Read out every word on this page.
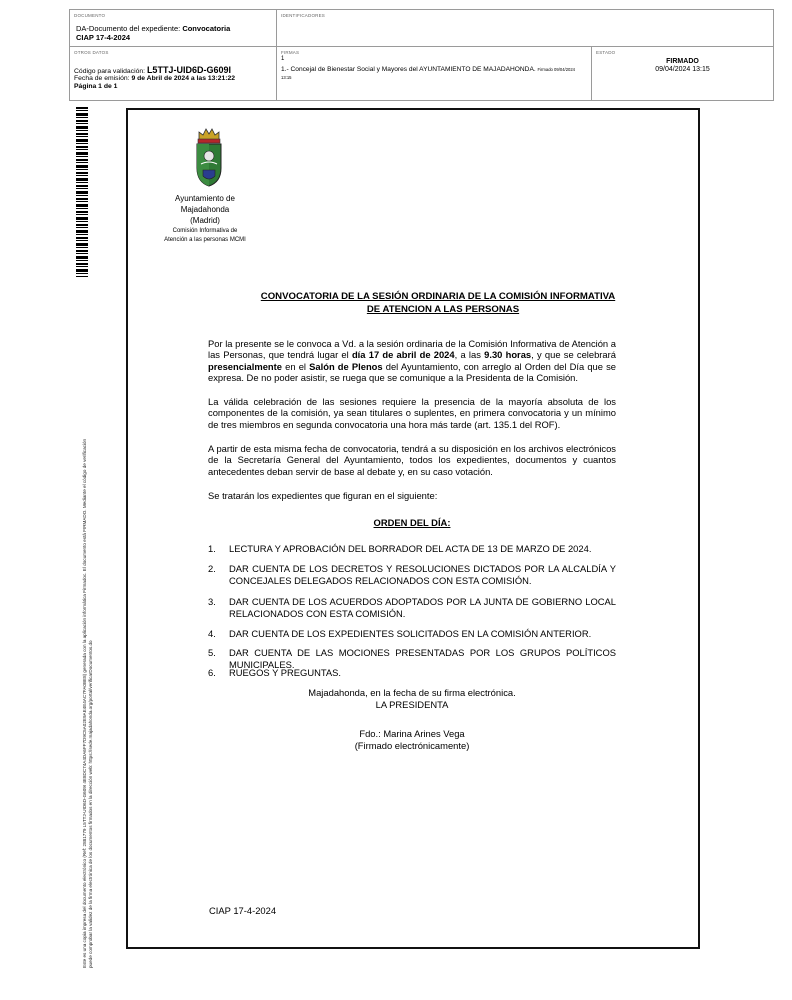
DOCUMENTO
DA-Documento del expediente: Convocatoria
CIAP 17-4-2024
IDENTIFICADORES
OTROS DATOS
Código para validación: L5TTJ-UID6D-G609I
Fecha de emisión: 9 de Abril de 2024 a las 13:21:22
Página 1 de 1
FIRMAS
1
1.- Concejal de Bienestar Social y Mayores del AYUNTAMIENTO DE MAJADAHONDA. Firmado 09/04/2024
13:15
ESTADO
FIRMADO
09/04/2024 13:15
Este es una copia impresa del documento electrónico (Ref: 2881779 L5TTJ-UID6D-G609I 4E8DC74A4DA6FF7D9C5A02E9AE4E4AC7FA0BE8) generada con la aplicación informática Firmadoc. El documento está FIRMADO. Mediante el código de verificación puede comprobar la validez de la firma electrónica de los documentos firmados en la dirección web: https://sede.majadahonda.org/portal/verificarDocumentos.do
Ayuntamiento de
Majadahonda
(Madrid)
Comisión Informativa de
Atención a las personas MCMI
CONVOCATORIA DE LA SESIÓN ORDINARIA DE LA COMISIÓN INFORMATIVA
DE ATENCION A LAS PERSONAS
Por la presente se le convoca a Vd. a la sesión ordinaria de la Comisión Informativa de Atención a las Personas, que tendrá lugar el día 17 de abril de 2024, a las 9.30 horas, y que se celebrará presencialmente en el Salón de Plenos del Ayuntamiento, con arreglo al Orden del Día que se expresa. De no poder asistir, se ruega que se comunique a la Presidenta de la Comisión.
La válida celebración de las sesiones requiere la presencia de la mayoría absoluta de los componentes de la comisión, ya sean titulares o suplentes, en primera convocatoria y un mínimo de tres miembros en segunda convocatoria una hora más tarde (art. 135.1 del ROF).
A partir de esta misma fecha de convocatoria, tendrá a su disposición en los archivos electrónicos de la Secretaría General del Ayuntamiento, todos los expedientes, documentos y cuantos antecedentes deban servir de base al debate y, en su caso votación.
Se tratarán los expedientes que figuran en el siguiente:
ORDEN DEL DÍA:
1. LECTURA Y APROBACIÓN DEL BORRADOR DEL ACTA DE 13 DE MARZO DE 2024.
2. DAR CUENTA DE LOS DECRETOS Y RESOLUCIONES DICTADOS POR LA ALCALDÍA Y CONCEJALES DELEGADOS RELACIONADOS CON ESTA COMISIÓN.
3. DAR CUENTA DE LOS ACUERDOS ADOPTADOS POR LA JUNTA DE GOBIERNO LOCAL RELACIONADOS CON ESTA COMISIÓN.
4. DAR CUENTA DE LOS EXPEDIENTES SOLICITADOS EN LA COMISIÓN ANTERIOR.
5. DAR CUENTA DE LAS MOCIONES PRESENTADAS POR LOS GRUPOS POLÍTICOS MUNICIPALES.
6. RUEGOS Y PREGUNTAS.
Majadahonda, en la fecha de su firma electrónica.
LA PRESIDENTA
Fdo.: Marina Arines Vega
(Firmado electrónicamente)
CIAP 17-4-2024
